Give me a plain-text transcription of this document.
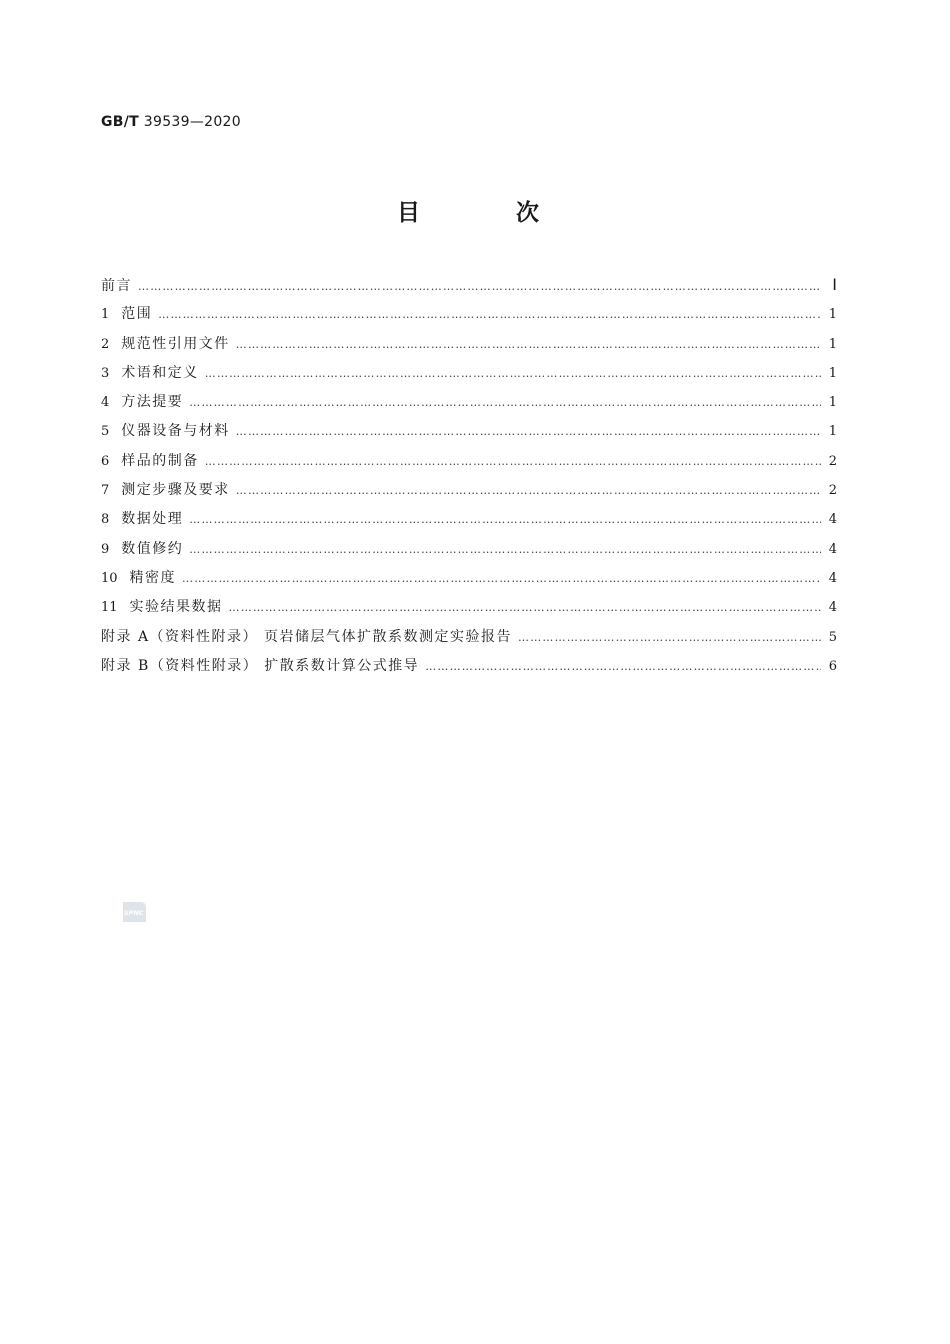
GB/T 39539—2020
目 次
前言 …………………………………………………………………………………………………………………………………………………………………………………………………………………………	Ⅰ
1 范围 …………………………………………………………………………………………………………………………………………………………………………………………………………………………	1
2 规范性引用文件 …………………………………………………………………………………………………………………………………………………………………………………………………………………………	1
3 术语和定义 …………………………………………………………………………………………………………………………………………………………………………………………………………………………	1
4 方法提要 …………………………………………………………………………………………………………………………………………………………………………………………………………………………	1
5 仪器设备与材料 …………………………………………………………………………………………………………………………………………………………………………………………………………………………	1
6 样品的制备 …………………………………………………………………………………………………………………………………………………………………………………………………………………………	2
7 测定步骤及要求 …………………………………………………………………………………………………………………………………………………………………………………………………………………………	2
8 数据处理 …………………………………………………………………………………………………………………………………………………………………………………………………………………………	4
9 数值修约 …………………………………………………………………………………………………………………………………………………………………………………………………………………………	4
10 精密度 …………………………………………………………………………………………………………………………………………………………………………………………………………………………	4
11 实验结果数据 …………………………………………………………………………………………………………………………………………………………………………………………………………………………	4
附录 A（资料性附录） 页岩储层气体扩散系数测定实验报告 …………………………………………………………………………………………………………………………………………………………………………………………………………………………	5
附录 B（资料性附录） 扩散系数计算公式推导 …………………………………………………………………………………………………………………………………………………………………………………………………………………………	6
SPNC
